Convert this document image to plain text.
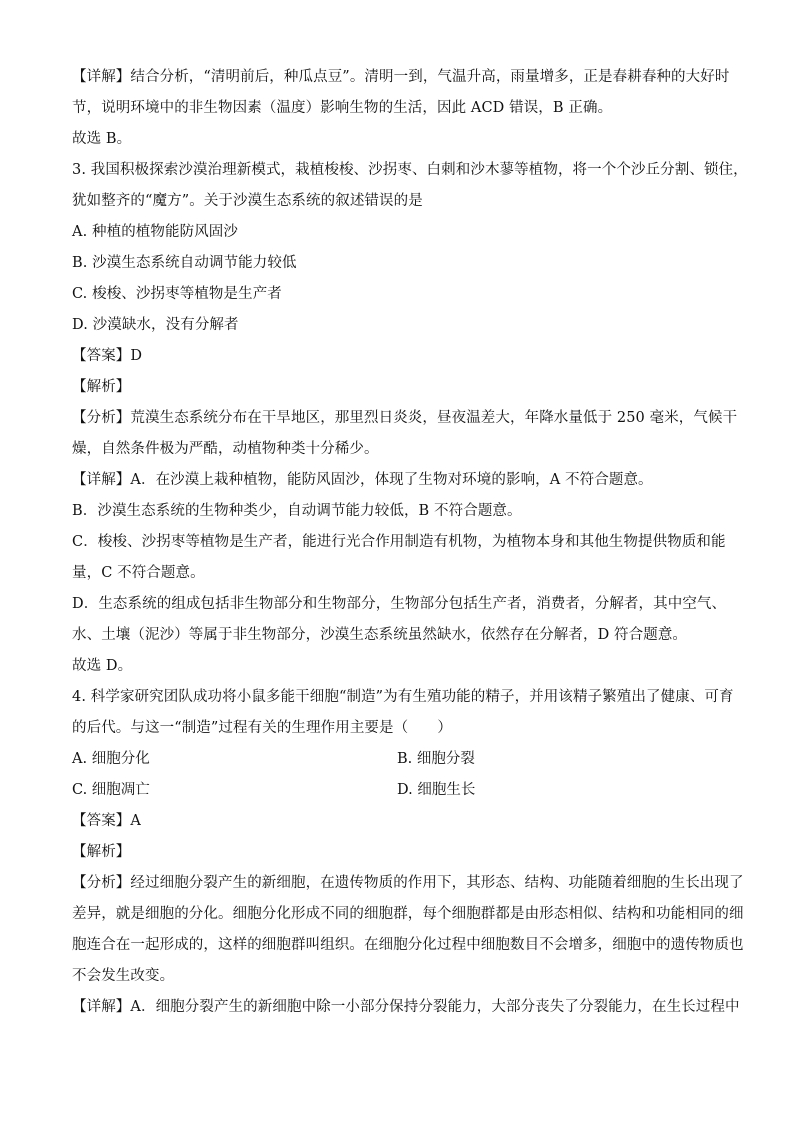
【详解】结合分析，“清明前后，种瓜点豆”。清明一到，气温升高，雨量增多，正是春耕春种的大好时
节，说明环境中的非生物因素（温度）影响生物的生活，因此 ACD 错误，B 正确。
故选 B。
3. 我国积极探索沙漠治理新模式，栽植梭梭、沙拐枣、白刺和沙木蓼等植物，将一个个沙丘分割、锁住，
犹如整齐的“魔方”。关于沙漠生态系统的叙述错误的是
A. 种植的植物能防风固沙
B. 沙漠生态系统自动调节能力较低
C. 梭梭、沙拐枣等植物是生产者
D. 沙漠缺水，没有分解者
【答案】D
【解析】
【分析】荒漠生态系统分布在干旱地区，那里烈日炎炎，昼夜温差大，年降水量低于 250 毫米，气候干
燥，自然条件极为严酷，动植物种类十分稀少。
【详解】A．在沙漠上栽种植物，能防风固沙，体现了生物对环境的影响，A 不符合题意。
B．沙漠生态系统的生物种类少，自动调节能力较低，B 不符合题意。
C．梭梭、沙拐枣等植物是生产者，能进行光合作用制造有机物，为植物本身和其他生物提供物质和能
量，C 不符合题意。
D．生态系统的组成包括非生物部分和生物部分，生物部分包括生产者，消费者，分解者，其中空气、
水、土壤（泥沙）等属于非生物部分，沙漠生态系统虽然缺水，依然存在分解者，D 符合题意。
故选 D。
4. 科学家研究团队成功将小鼠多能干细胞“制造”为有生殖功能的精子，并用该精子繁殖出了健康、可育
的后代。与这一“制造”过程有关的生理作用主要是（　　）
A. 细胞分化	B. 细胞分裂
C. 细胞凋亡	D. 细胞生长
【答案】A
【解析】
【分析】经过细胞分裂产生的新细胞，在遗传物质的作用下，其形态、结构、功能随着细胞的生长出现了
差异，就是细胞的分化。细胞分化形成不同的细胞群，每个细胞群都是由形态相似、结构和功能相同的细
胞连合在一起形成的，这样的细胞群叫组织。在细胞分化过程中细胞数目不会增多，细胞中的遗传物质也
不会发生改变。
【详解】A．细胞分裂产生的新细胞中除一小部分保持分裂能力，大部分丧失了分裂能力，在生长过程中
